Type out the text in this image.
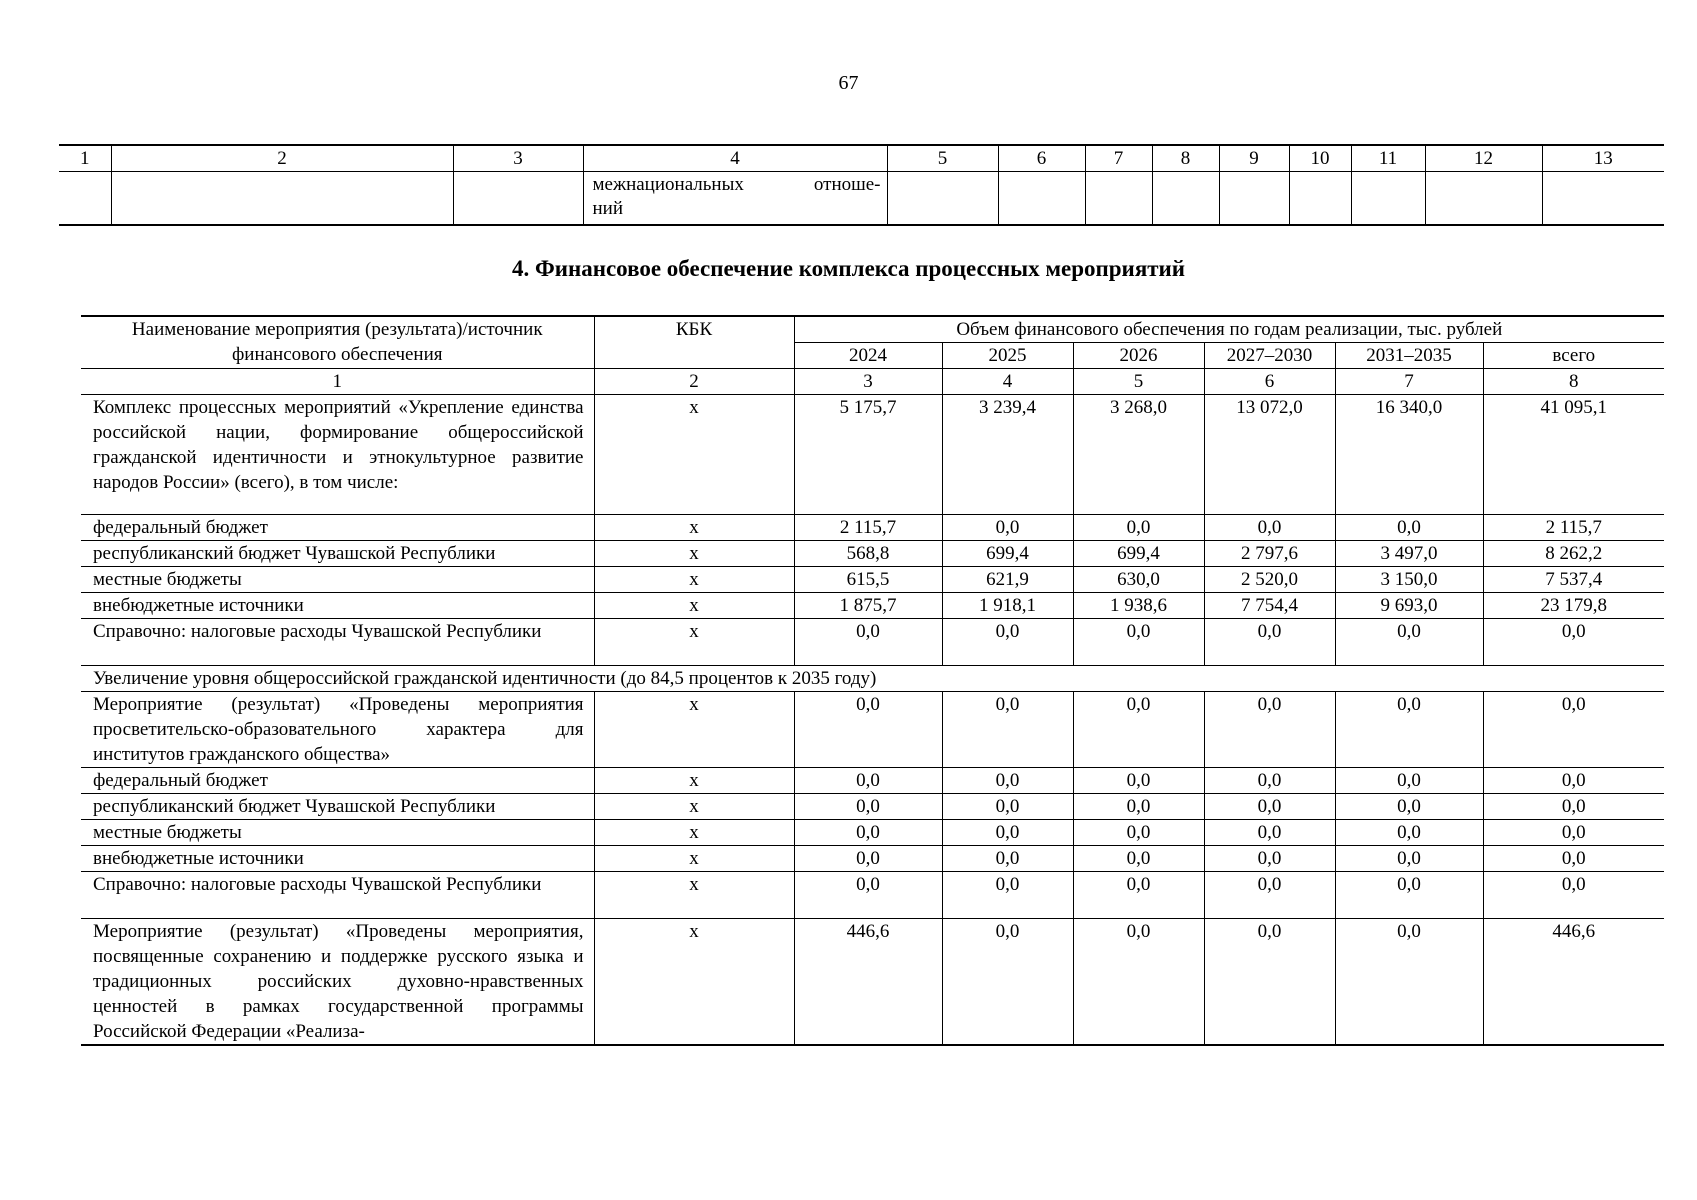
67
1	2	3	4	5	6	7	8	9	10	11	12	13

			межнациональных отноше-
ний									

4. Финансовое обеспечение комплекса процессных мероприятий
Наименование мероприятия (результата)/источник финансового обеспечения	КБК	Объем финансового обеспечения по годам реализации, тыс. рублей					
		2024	2025	2026	2027–2030	2031–2035	всего
1	2	3	4	5	6	7	8
Комплекс процессных мероприятий «Укрепление единства российской нации, формирование общероссийской гражданской идентичности и этнокультурное развитие народов России» (всего), в том числе:	х	5 175,7	3 239,4	3 268,0	13 072,0	16 340,0	41 095,1
федеральный бюджет	х	2 115,7	0,0	0,0	0,0	0,0	2 115,7
республиканский бюджет Чувашской Республики	х	568,8	699,4	699,4	2 797,6	3 497,0	8 262,2
местные бюджеты	х	615,5	621,9	630,0	2 520,0	3 150,0	7 537,4
внебюджетные источники	х	1 875,7	1 918,1	1 938,6	7 754,4	9 693,0	23 179,8
Справочно: налоговые расходы Чувашской Республики	х	0,0	0,0	0,0	0,0	0,0	0,0
Увеличение уровня общероссийской гражданской идентичности (до 84,5 процентов к 2035 году)							
Мероприятие (результат) «Проведены мероприятия просветительско-образовательного характера для институтов гражданского общества»	х	0,0	0,0	0,0	0,0	0,0	0,0
федеральный бюджет	х	0,0	0,0	0,0	0,0	0,0	0,0
республиканский бюджет Чувашской Республики	х	0,0	0,0	0,0	0,0	0,0	0,0
местные бюджеты	х	0,0	0,0	0,0	0,0	0,0	0,0
внебюджетные источники	х	0,0	0,0	0,0	0,0	0,0	0,0
Справочно: налоговые расходы Чувашской Республики	х	0,0	0,0	0,0	0,0	0,0	0,0
Мероприятие (результат) «Проведены мероприятия, посвященные сохранению и поддержке русского языка и традиционных российских духовно-нравственных ценностей в рамках государственной программы Российской Федерации «Реализа-	х	446,6	0,0	0,0	0,0	0,0	446,6
